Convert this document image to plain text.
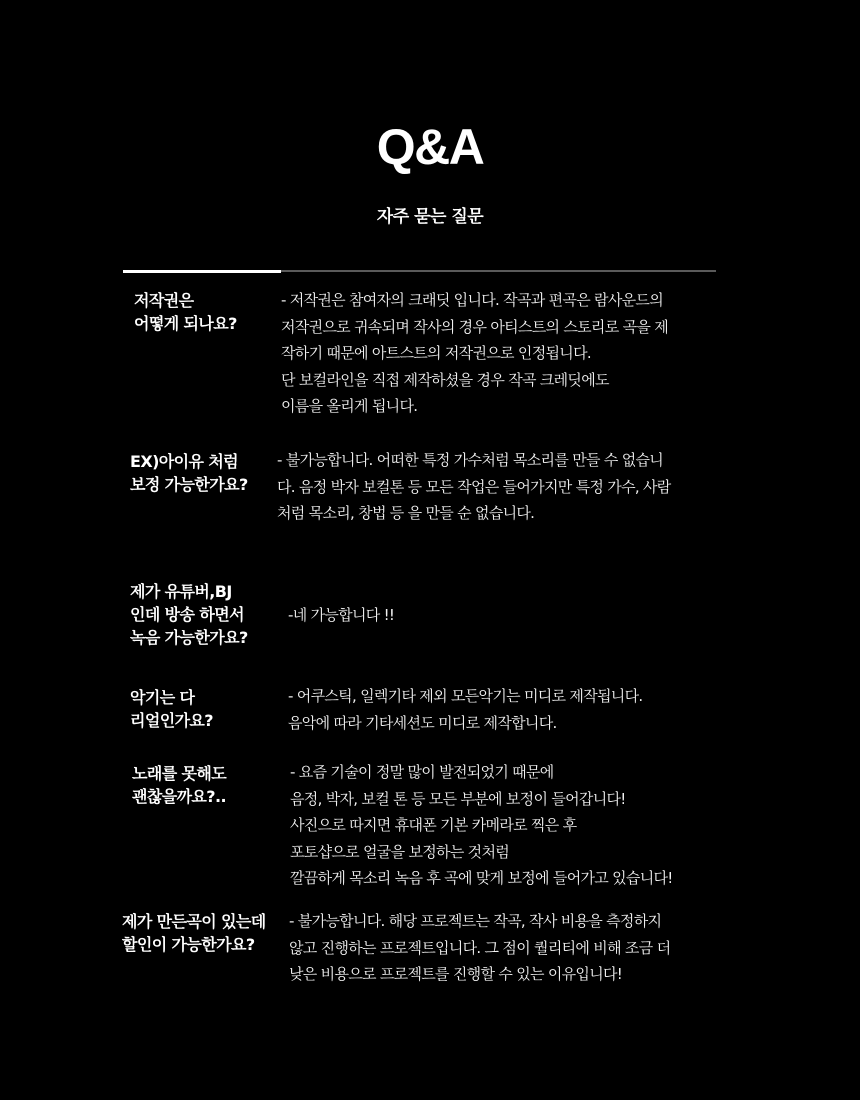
Q&A
자주 묻는 질문
저작권은
어떻게 되나요?
- 저작권은 참여자의 크래딧 입니다. 작곡과 편곡은 람사운드의
저작권으로 귀속되며 작사의 경우 아티스트의 스토리로 곡을 제
작하기 때문에 아트스트의 저작권으로 인정됩니다.
단 보컬라인을 직접 제작하셨을 경우 작곡 크레딧에도
이름을 올리게 됩니다.
EX)아이유 처럼
보정 가능한가요?
- 불가능합니다. 어떠한 특정 가수처럼 목소리를 만들 수 없습니
다. 음정 박자 보컬톤 등 모든 작업은 들어가지만 특정 가수, 사람
처럼 목소리, 창법 등 을 만들 순 없습니다.
제가 유튜버,BJ
인데 방송 하면서
녹음 가능한가요?
-네 가능합니다 !!
악기는 다
리얼인가요?
- 어쿠스틱, 일렉기타 제외 모든악기는 미디로 제작됩니다.
음악에 따라 기타세션도 미디로 제작합니다.
노래를 못해도
괜찮을까요?..
- 요즘 기술이 정말 많이 발전되었기 때문에
음정, 박자, 보컬 톤 등 모든 부분에 보정이 들어갑니다!
사진으로 따지면 휴대폰 기본 카메라로 찍은 후
포토샵으로 얼굴을 보정하는 것처럼
깔끔하게 목소리 녹음 후 곡에 맞게 보정에 들어가고 있습니다!
제가 만든곡이 있는데
할인이 가능한가요?
- 불가능합니다. 해당 프로젝트는 작곡, 작사 비용을 측정하지
않고 진행하는 프로젝트입니다. 그 점이 퀄리티에 비해 조금 더
낮은 비용으로 프로젝트를 진행할 수 있는 이유입니다!
